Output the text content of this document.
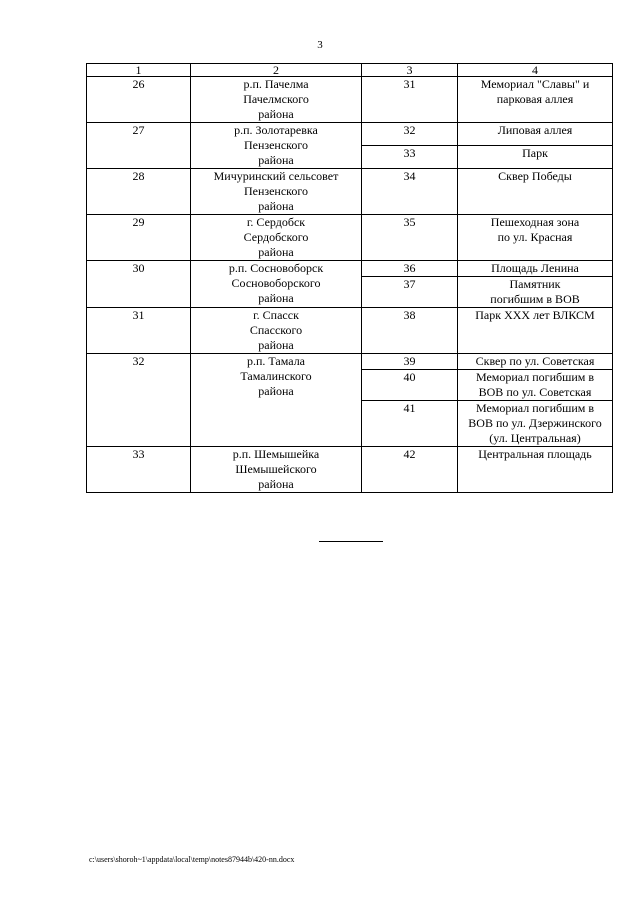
3
1	2	3	4
26	р.п. Пачелма
Пачелмского
района	31	Мемориал "Славы" и
парковая аллея

27	р.п. Золотаревка
Пензенского
района	32	Липовая аллея

		33	Парк

28	Мичуринский сельсовет
Пензенского
района	34	Сквер Победы

29	г. Сердобск
Сердобского
района	35	Пешеходная зона
по ул. Красная

30	р.п. Сосновоборск
Сосновоборского
района	36	Площадь Ленина

		37	Памятник
погибшим в ВОВ

31	г. Спасск
Спасского
района	38	Парк XXX лет ВЛКСМ

32	р.п. Тамала
Тамалинского
района	39	Сквер по ул. Советская

		40	Мемориал погибшим в
ВОВ по ул. Советская

		41	Мемориал погибшим в
ВОВ по ул. Дзержинского
(ул. Центральная)

33	р.п. Шемышейка
Шемышейского
района	42	Центральная площадь
c:\users\shoroh~1\appdata\local\temp\notes87944b\420-nn.docx
